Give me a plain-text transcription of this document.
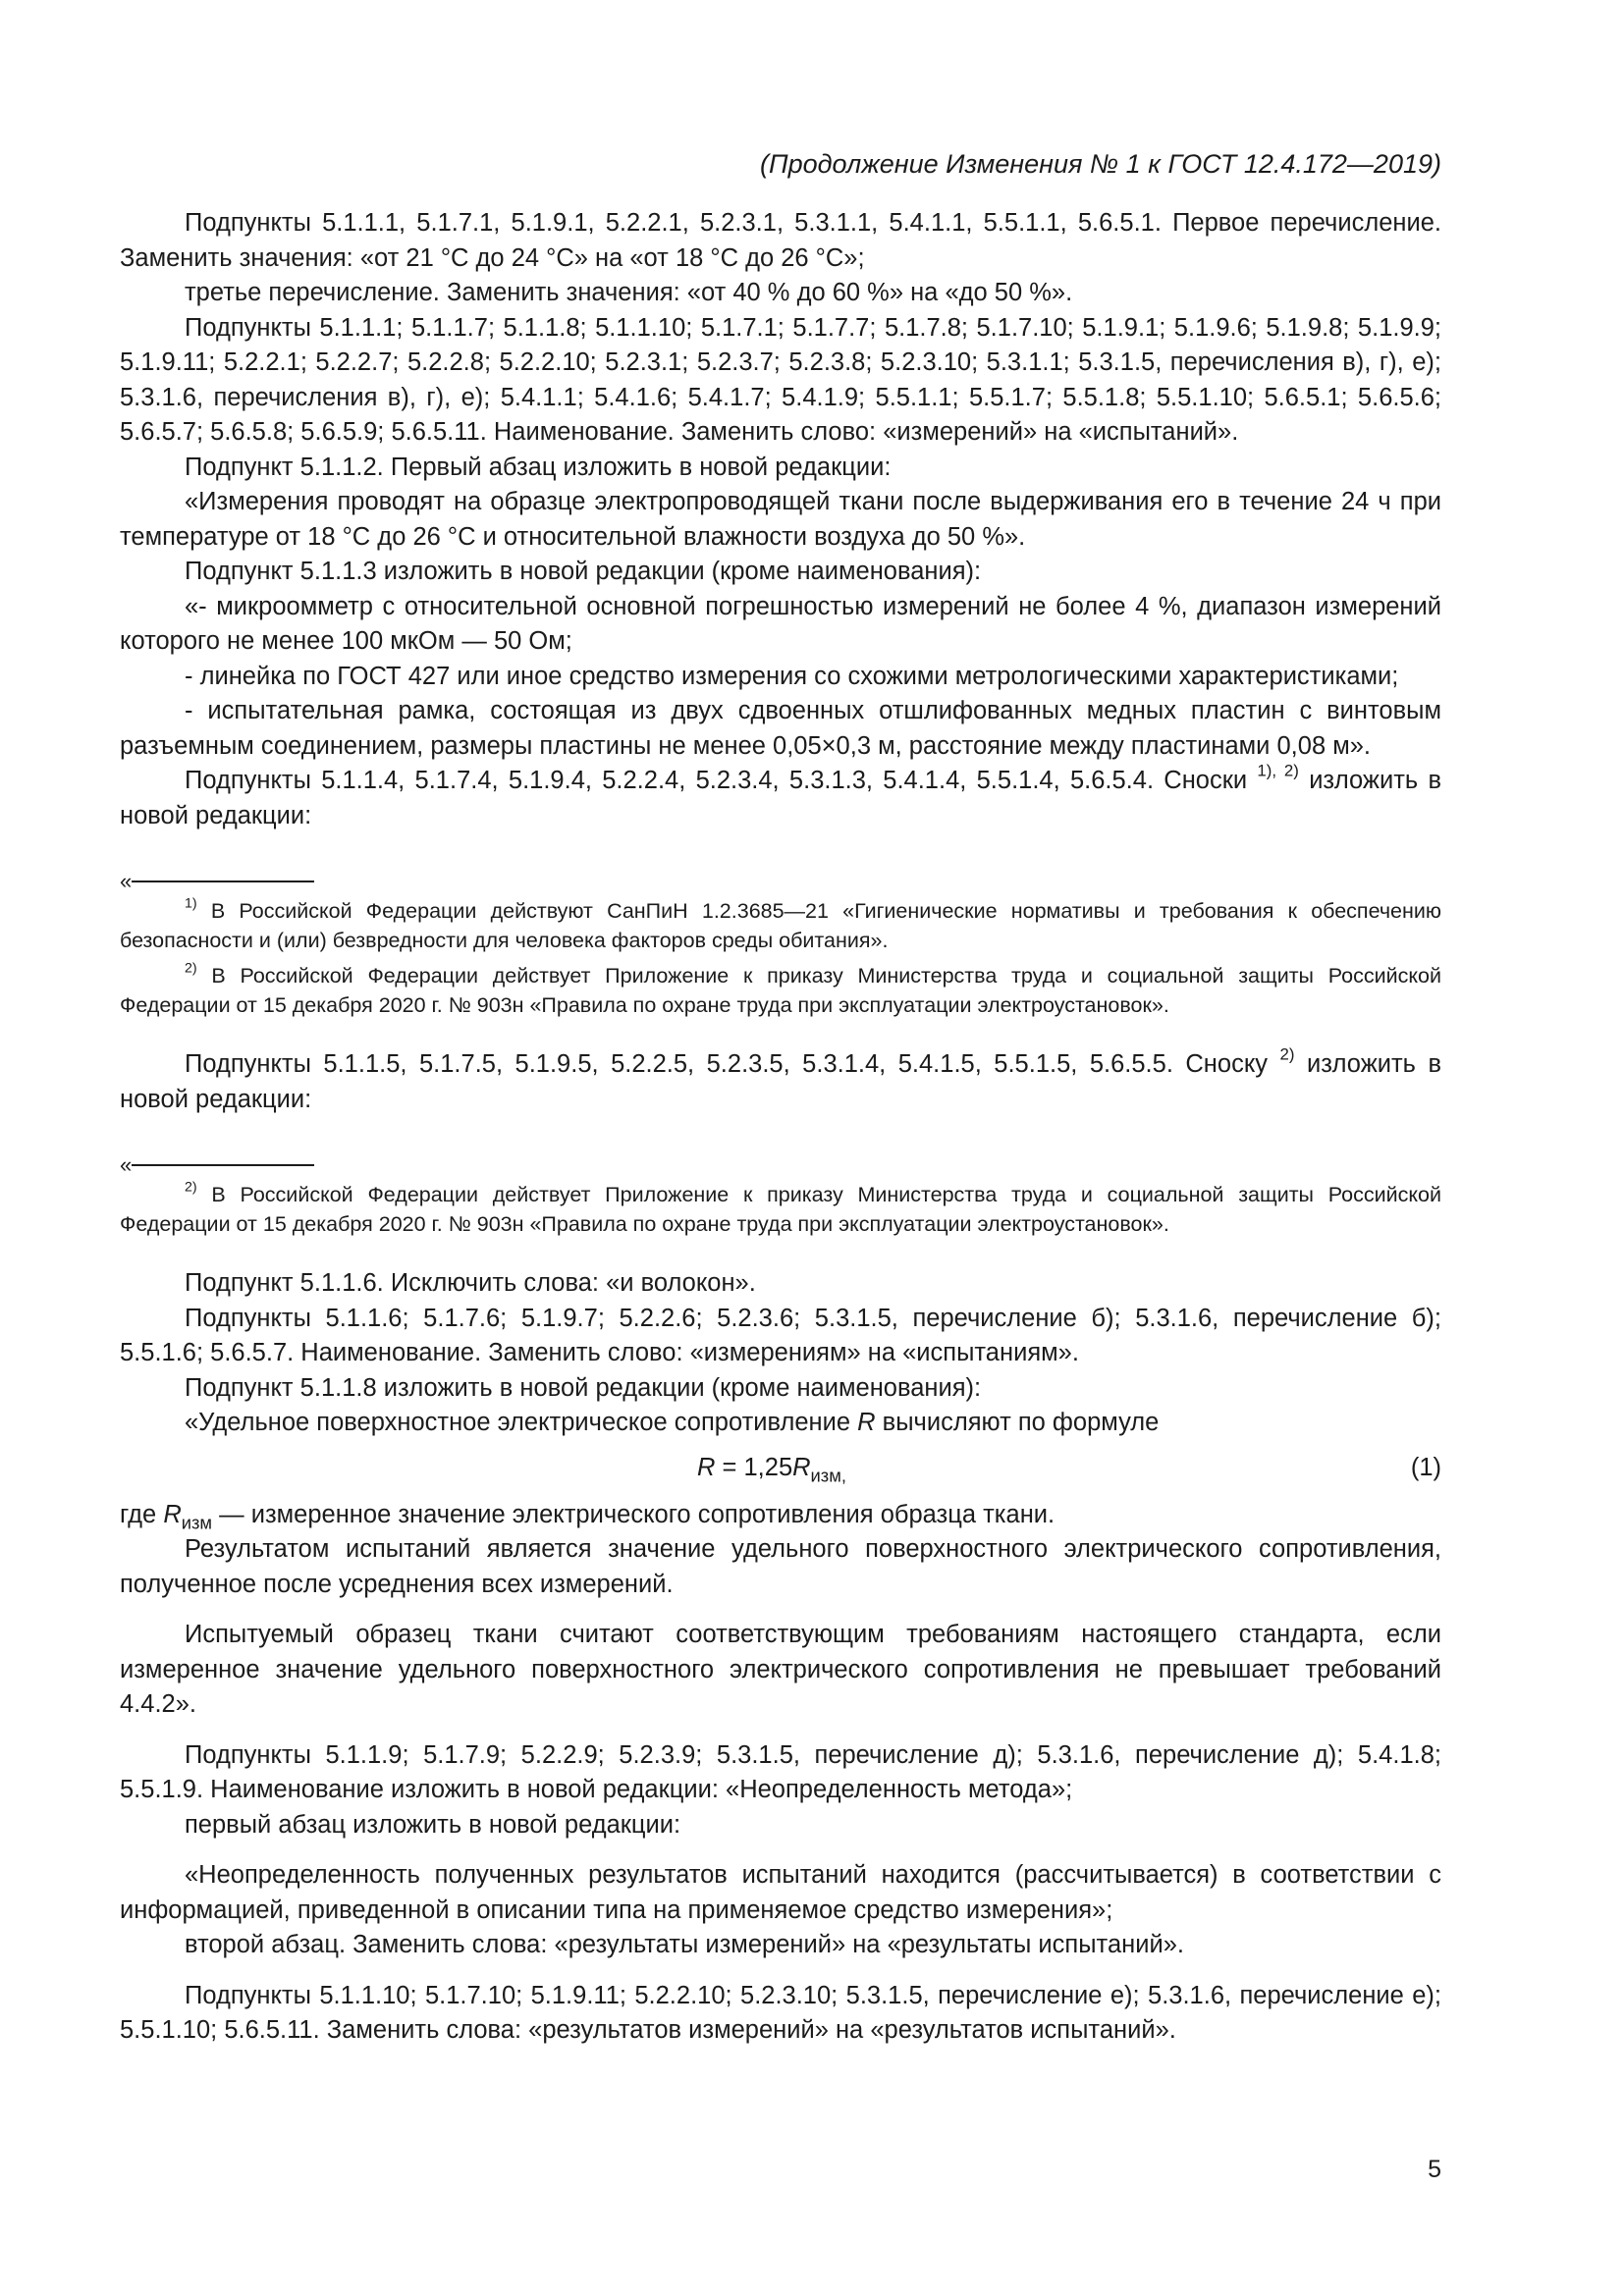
(Продолжение Изменения № 1 к ГОСТ 12.4.172—2019)

Подпункты 5.1.1.1, 5.1.7.1, 5.1.9.1, 5.2.2.1, 5.2.3.1, 5.3.1.1, 5.4.1.1, 5.5.1.1, 5.6.5.1. Первое перечисление. Заменить значения: «от 21 °С до 24 °С» на «от 18 °С до 26 °С»;

третье перечисление. Заменить значения: «от 40 % до 60 %» на «до 50 %».

Подпункты 5.1.1.1; 5.1.1.7; 5.1.1.8; 5.1.1.10; 5.1.7.1; 5.1.7.7; 5.1.7.8; 5.1.7.10; 5.1.9.1; 5.1.9.6; 5.1.9.8; 5.1.9.9; 5.1.9.11; 5.2.2.1; 5.2.2.7; 5.2.2.8; 5.2.2.10; 5.2.3.1; 5.2.3.7; 5.2.3.8; 5.2.3.10; 5.3.1.1; 5.3.1.5, перечисления в), г), е); 5.3.1.6, перечисления в), г), е); 5.4.1.1; 5.4.1.6; 5.4.1.7; 5.4.1.9; 5.5.1.1; 5.5.1.7; 5.5.1.8; 5.5.1.10; 5.6.5.1; 5.6.5.6; 5.6.5.7; 5.6.5.8; 5.6.5.9; 5.6.5.11. Наименование. Заменить слово: «измерений» на «испытаний».

Подпункт 5.1.1.2. Первый абзац изложить в новой редакции:

«Измерения проводят на образце электропроводящей ткани после выдерживания его в течение 24 ч при температуре от 18 °С до 26 °С и относительной влажности воздуха до 50 %».

Подпункт 5.1.1.3 изложить в новой редакции (кроме наименования):

«- микроомметр с относительной основной погрешностью измерений не более 4 %, диапазон измерений которого не менее 100 мкОм — 50 Ом;

- линейка по ГОСТ 427 или иное средство измерения со схожими метрологическими характеристиками;

- испытательная рамка, состоящая из двух сдвоенных отшлифованных медных пластин с винтовым разъемным соединением, размеры пластины не менее 0,05×0,3 м, расстояние между пластинами 0,08 м».

Подпункты 5.1.1.4, 5.1.7.4, 5.1.9.4, 5.2.2.4, 5.2.3.4, 5.3.1.3, 5.4.1.4, 5.5.1.4, 5.6.5.4. Сноски $^{1), 2)}$ изложить в новой редакции:

«

$^{1)}$ В Российской Федерации действуют СанПиН 1.2.3685—21 «Гигиенические нормативы и требования к обеспечению безопасности и (или) безвредности для человека факторов среды обитания».

$^{2)}$ В Российской Федерации действует Приложение к приказу Министерства труда и социальной защиты Российской Федерации от 15 декабря 2020 г. № 903н «Правила по охране труда при эксплуатации электроустановок».

Подпункты 5.1.1.5, 5.1.7.5, 5.1.9.5, 5.2.2.5, 5.2.3.5, 5.3.1.4, 5.4.1.5, 5.5.1.5, 5.6.5.5. Сноску $^{2)}$ изложить в новой редакции:

«

$^{2)}$ В Российской Федерации действует Приложение к приказу Министерства труда и социальной защиты Российской Федерации от 15 декабря 2020 г. № 903н «Правила по охране труда при эксплуатации электроустановок».

Подпункт 5.1.1.6. Исключить слова: «и волокон».

Подпункты 5.1.1.6; 5.1.7.6; 5.1.9.7; 5.2.2.6; 5.2.3.6; 5.3.1.5, перечисление б); 5.3.1.6, перечисление б); 5.5.1.6; 5.6.5.7. Наименование. Заменить слово: «измерениям» на «испытаниям».

Подпункт 5.1.1.8 изложить в новой редакции (кроме наименования):

«Удельное поверхностное электрическое сопротивление R вычисляют по формуле

$R = 1,25R_{изм,}$	(1)

где $R_{изм}$ — измеренное значение электрического сопротивления образца ткани.

Результатом испытаний является значение удельного поверхностного электрического сопротивления, полученное после усреднения всех измерений.

Испытуемый образец ткани считают соответствующим требованиям настоящего стандарта, если измеренное значение удельного поверхностного электрического сопротивления не превышает требований 4.4.2».

Подпункты 5.1.1.9; 5.1.7.9; 5.2.2.9; 5.2.3.9; 5.3.1.5, перечисление д); 5.3.1.6, перечисление д); 5.4.1.8; 5.5.1.9. Наименование изложить в новой редакции: «Неопределенность метода»;

первый абзац изложить в новой редакции:

«Неопределенность полученных результатов испытаний находится (рассчитывается) в соответствии с информацией, приведенной в описании типа на применяемое средство измерения»;

второй абзац. Заменить слова: «результаты измерений» на «результаты испытаний».

Подпункты 5.1.1.10; 5.1.7.10; 5.1.9.11; 5.2.2.10; 5.2.3.10; 5.3.1.5, перечисление е); 5.3.1.6, перечисление е); 5.5.1.10; 5.6.5.11. Заменить слова: «результатов измерений» на «результатов испытаний».

5
